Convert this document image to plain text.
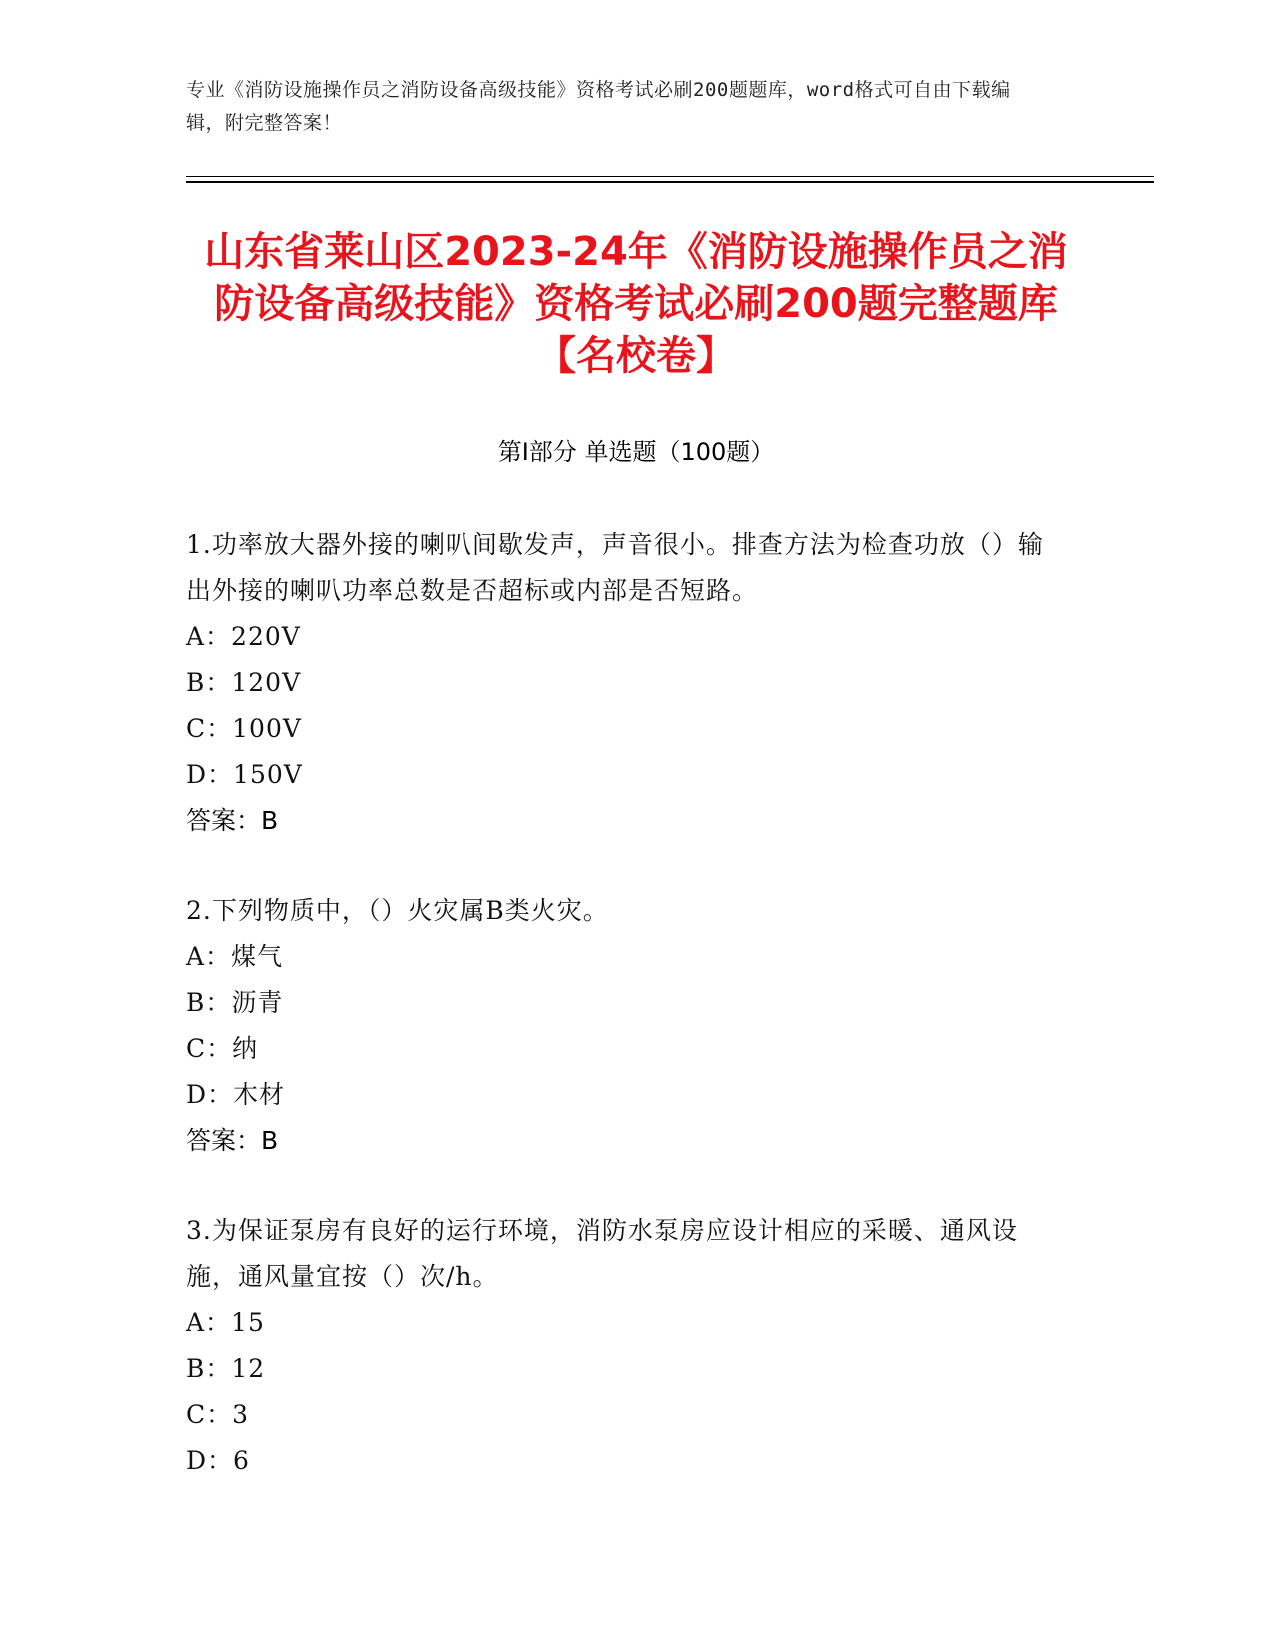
专业《消防设施操作员之消防设备高级技能》资格考试必刷200题题库，word格式可自由下载编辑，附完整答案！
山东省莱山区2023-24年《消防设施操作员之消防设备高级技能》资格考试必刷200题完整题库【名校卷】
第Ⅰ部分 单选题（100题）
1.功率放大器外接的喇叭间歇发声，声音很小。排查方法为检查功放（）输出外接的喇叭功率总数是否超标或内部是否短路。
A：220V
B：120V
C：100V
D：150V
答案：B
2.下列物质中，（）火灾属B类火灾。
A：煤气
B：沥青
C：纳
D：木材
答案：B
3.为保证泵房有良好的运行环境，消防水泵房应设计相应的采暖、通风设施，通风量宜按（）次/h。
A：15
B：12
C：3
D：6
